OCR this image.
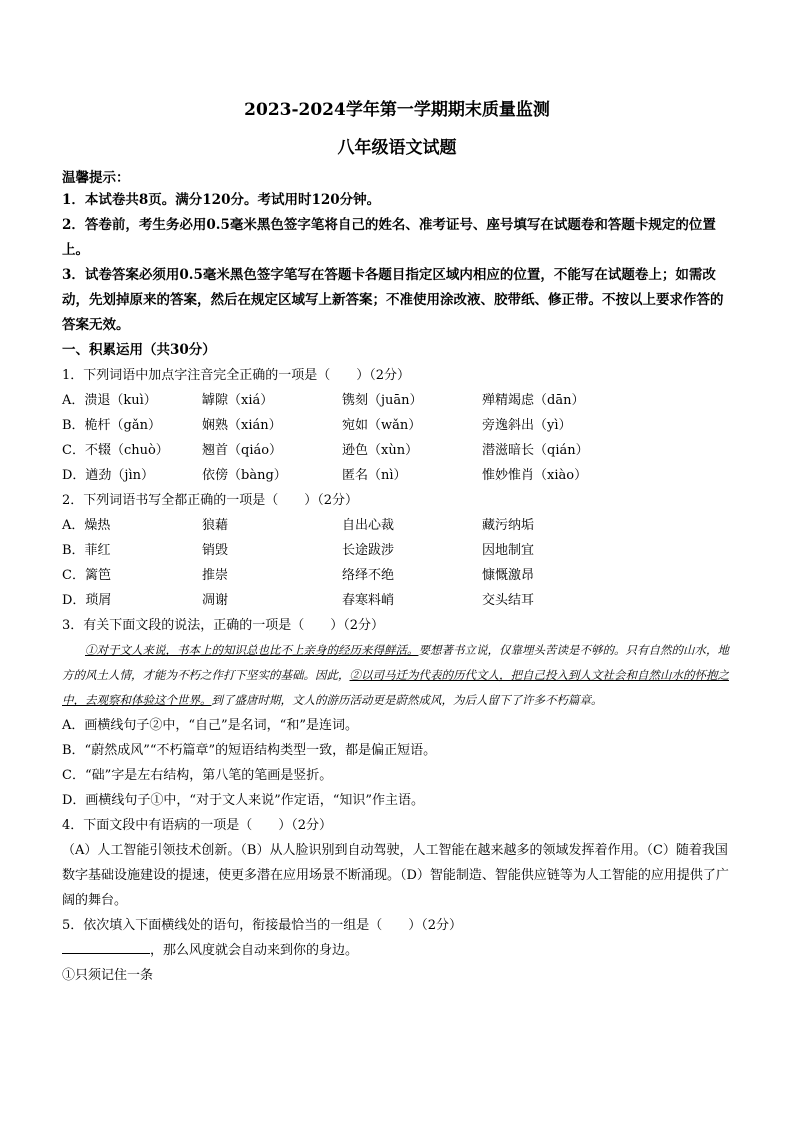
2023-2024学年第一学期期末质量监测

八年级语文试题

温馨提示：

1．本试卷共8页。满分120分。考试用时120分钟。

2．答卷前，考生务必用0.5毫米黑色签字笔将自己的姓名、准考证号、座号填写在试题卷和答题卡规定的位置上。

3．试卷答案必须用0.5毫米黑色签字笔写在答题卡各题目指定区域内相应的位置，不能写在试题卷上；如需改动，先划掉原来的答案，然后在规定区域写上新答案；不准使用涂改液、胶带纸、修正带。不按以上要求作答的答案无效。

一、积累运用（共30分）

1．下列词语中加点字注音完全正确的一项是（　　）（2分）

A．溃退（kuì）	罅隙（xiá）	镌刻（juān）	殚精竭虑（dān）
B．桅杆（gǎn）	娴熟（xián）	宛如（wǎn）	旁逸斜出（yì）
C．不辍（chuò）	翘首（qiáo）	逊色（xùn）	潜滋暗长（qián）
D．遒劲（jìn）	依傍（bàng）	匿名（nì）	惟妙惟肖（xiào）

2．下列词语书写全都正确的一项是（　　）（2分）

A．燥热	狼藉	自出心裁	藏污纳垢
B．菲红	销毁	长途跋涉	因地制宜
C．篱笆	推崇	络绎不绝	慷慨激昂
D．琐屑	凋谢	春寒料峭	交头结耳

3．有关下面文段的说法，正确的一项是（　　）（2分）

①对于文人来说，书本上的知识总也比不上亲身的经历来得鲜活。要想著书立说，仅靠埋头苦读是不够的。只有自然的山水，地方的风土人情，才能为不朽之作打下坚实的基础。因此，②以司马迁为代表的历代文人，把自己投入到人文社会和自然山水的怀抱之中，去观察和体验这个世界。到了盛唐时期，文人的游历活动更是蔚然成风，为后人留下了许多不朽篇章。

A．画横线句子②中，“自己”是名词，“和”是连词。

B．“蔚然成风”“不朽篇章”的短语结构类型一致，都是偏正短语。

C．“础”字是左右结构，第八笔的笔画是竖折。

D．画横线句子①中，“对于文人来说”作定语，“知识”作主语。

4．下面文段中有语病的一项是（　　）（2分）

（A）人工智能引领技术创新。（B）从人脸识别到自动驾驶，人工智能在越来越多的领域发挥着作用。（C）随着我国数字基础设施建设的提速，使更多潜在应用场景不断涌现。（D）智能制造、智能供应链等为人工智能的应用提供了广阔的舞台。

5．依次填入下面横线处的语句，衔接最恰当的一组是（　　）（2分）

，那么风度就会自动来到你的身边。

①只须记住一条
